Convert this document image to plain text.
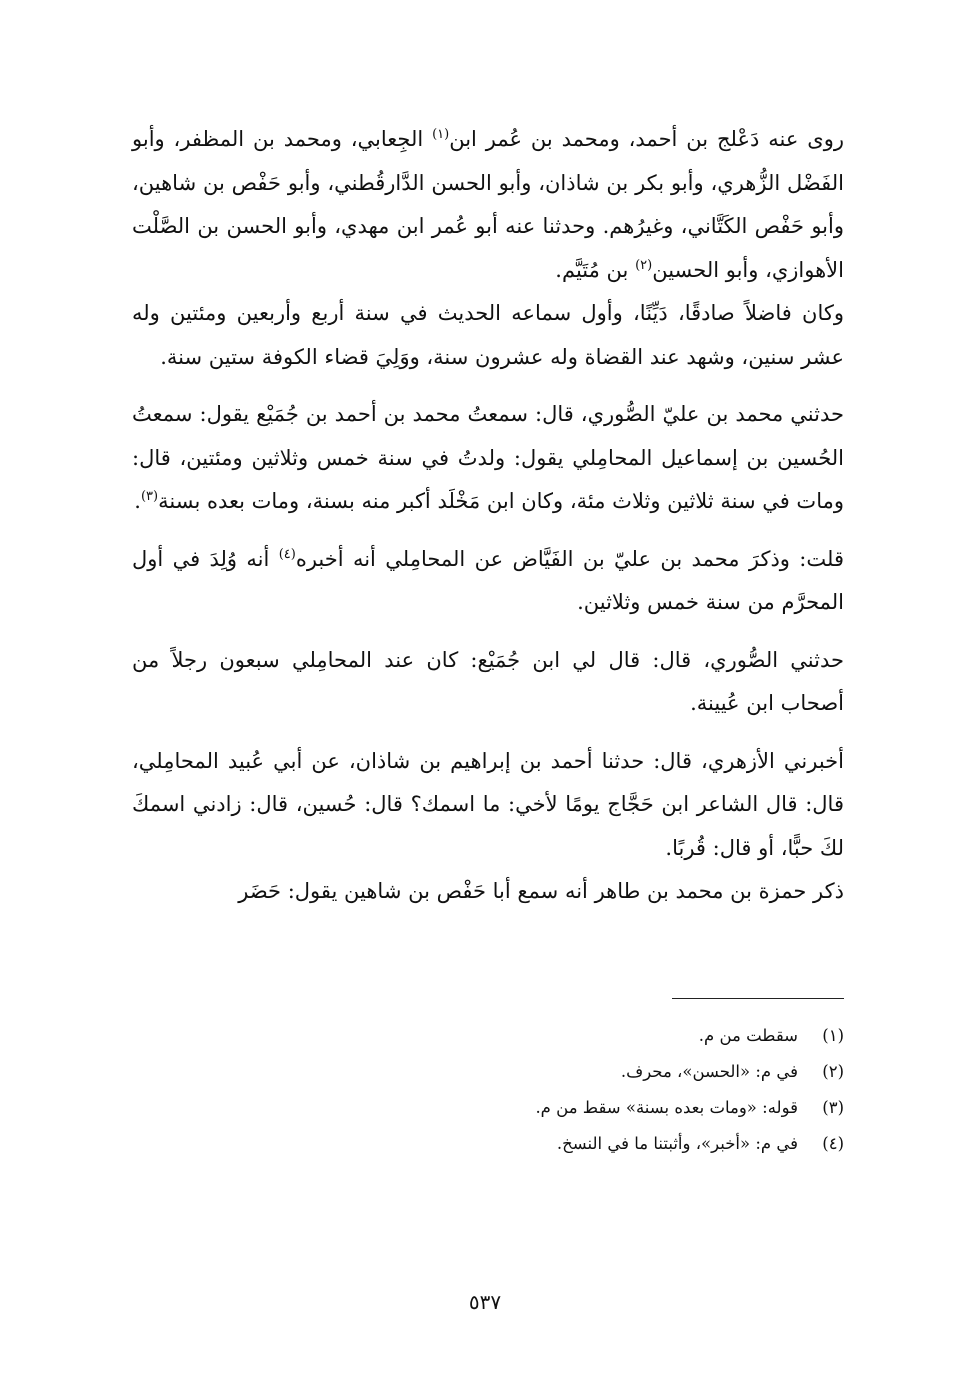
روى عنه دَعْلج بن أحمد، ومحمد بن عُمر ابن$^{(١)}$ الجِعابي، ومحمد بن المظفر، وأبو الفَضْل الزُّهري، وأبو بكر بن شاذان، وأبو الحسن الدَّارقُطني، وأبو حَفْص بن شاهين، وأبو حَفْص الكَتَّاني، وغيرُهم. وحدثنا عنه أبو عُمر ابن مهدي، وأبو الحسن بن الصَّلْت الأهوازي، وأبو الحسين$^{(٢)}$ بن مُتَيَّم.

وكان فاضلاً صادقًا، دَيِّنًا، وأول سماعه الحديث في سنة أربع وأربعين ومئتين وله عشر سنين، وشهد عند القضاة وله عشرون سنة، ووَلِيَ قضاء الكوفة ستين سنة.

حدثني محمد بن عليّ الصُّوري، قال: سمعتُ محمد بن أحمد بن جُمَيْع يقول: سمعتُ الحُسين بن إسماعيل المحامِلي يقول: ولدتُ في سنة خمس وثلاثين ومئتين، قال: ومات في سنة ثلاثين وثلاث مئة، وكان ابن مَخْلَد أكبر منه بسنة، ومات بعده بسنة$^{(٣)}$.

قلت: وذكرَ محمد بن عليّ بن الفَيَّاض عن المحامِلي أنه أخبره$^{(٤)}$ أنه وُلِدَ في أول المحرَّم من سنة خمس وثلاثين.

حدثني الصُّوري، قال: قال لي ابن جُمَيْع: كان عند المحامِلي سبعون رجلاً من أصحاب ابن عُيينة.

أخبرني الأزهري، قال: حدثنا أحمد بن إبراهيم بن شاذان، عن أبي عُبيد المحامِلي، قال: قال الشاعر ابن حَجَّاج يومًا لأخي: ما اسمك؟ قال: حُسين، قال: زادني اسمكَ لكَ حبًّا، أو قال: قُربًا.

ذكر حمزة بن محمد بن طاهر أنه سمع أبا حَفْص بن شاهين يقول: حَضَر

(١)
سقطت من م.
(٢)
في م: «الحسن»، محرف.
(٣)
قوله: «ومات بعده بسنة» سقط من م.
(٤)
في م: «أخبر»، وأثبتنا ما في النسخ.
٥٣٧
